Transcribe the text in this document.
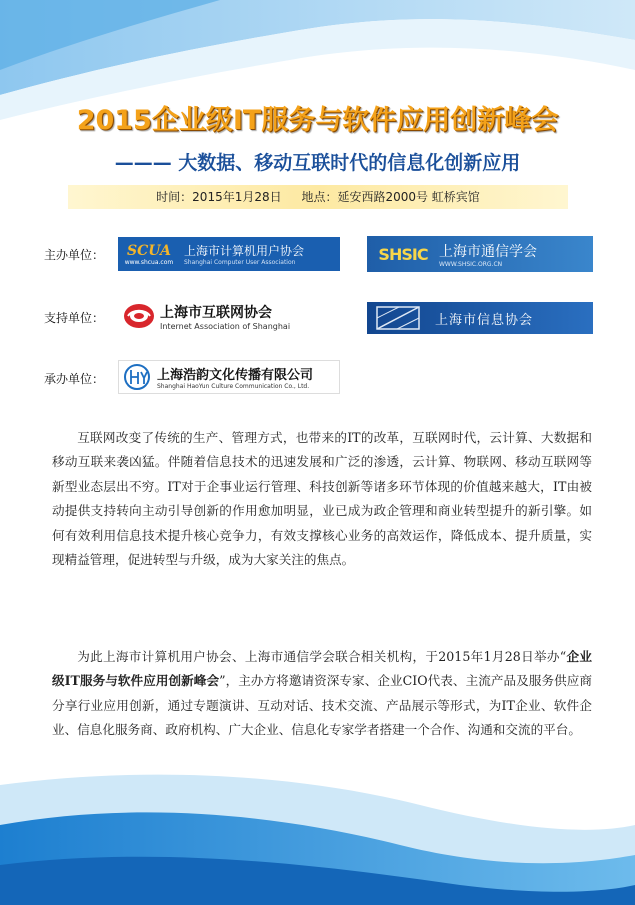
2015企业级IT服务与软件应用创新峰会
——— 大数据、移动互联时代的信息化创新应用
时间：2015年1月28日 地点：延安西路2000号 虹桥宾馆
主办单位：
支持单位：
承办单位：
SCUA
www.shcua.com
上海市计算机用户协会
Shanghai Computer User Association	SHSIC 上海市通信学会
WWW.SHSIC.ORG.CN
上海市互联网协会
Internet Association of Shanghai	上海市信息协会
上海浩韵文化传播有限公司
Shanghai HaoYun Culture Communication Co., Ltd.
互联网改变了传统的生产、管理方式，也带来的IT的改革，互联网时代，云计算、大数据和移动互联来袭凶猛。伴随着信息技术的迅速发展和广泛的渗透，云计算、物联网、移动互联网等新型业态层出不穷。IT对于企事业运行管理、科技创新等诸多环节体现的价值越来越大，IT由被动提供支持转向主动引导创新的作用愈加明显，业已成为政企管理和商业转型提升的新引擎。如何有效利用信息技术提升核心竞争力，有效支撑核心业务的高效运作，降低成本、提升质量，实现精益管理，促进转型与升级，成为大家关注的焦点。
为此上海市计算机用户协会、上海市通信学会联合相关机构，于2015年1月28日举办“企业级IT服务与软件应用创新峰会”，主办方将邀请资深专家、企业CIO代表、主流产品及服务供应商分享行业应用创新，通过专题演讲、互动对话、技术交流、产品展示等形式，为IT企业、软件企业、信息化服务商、政府机构、广大企业、信息化专家学者搭建一个合作、沟通和交流的平台。
